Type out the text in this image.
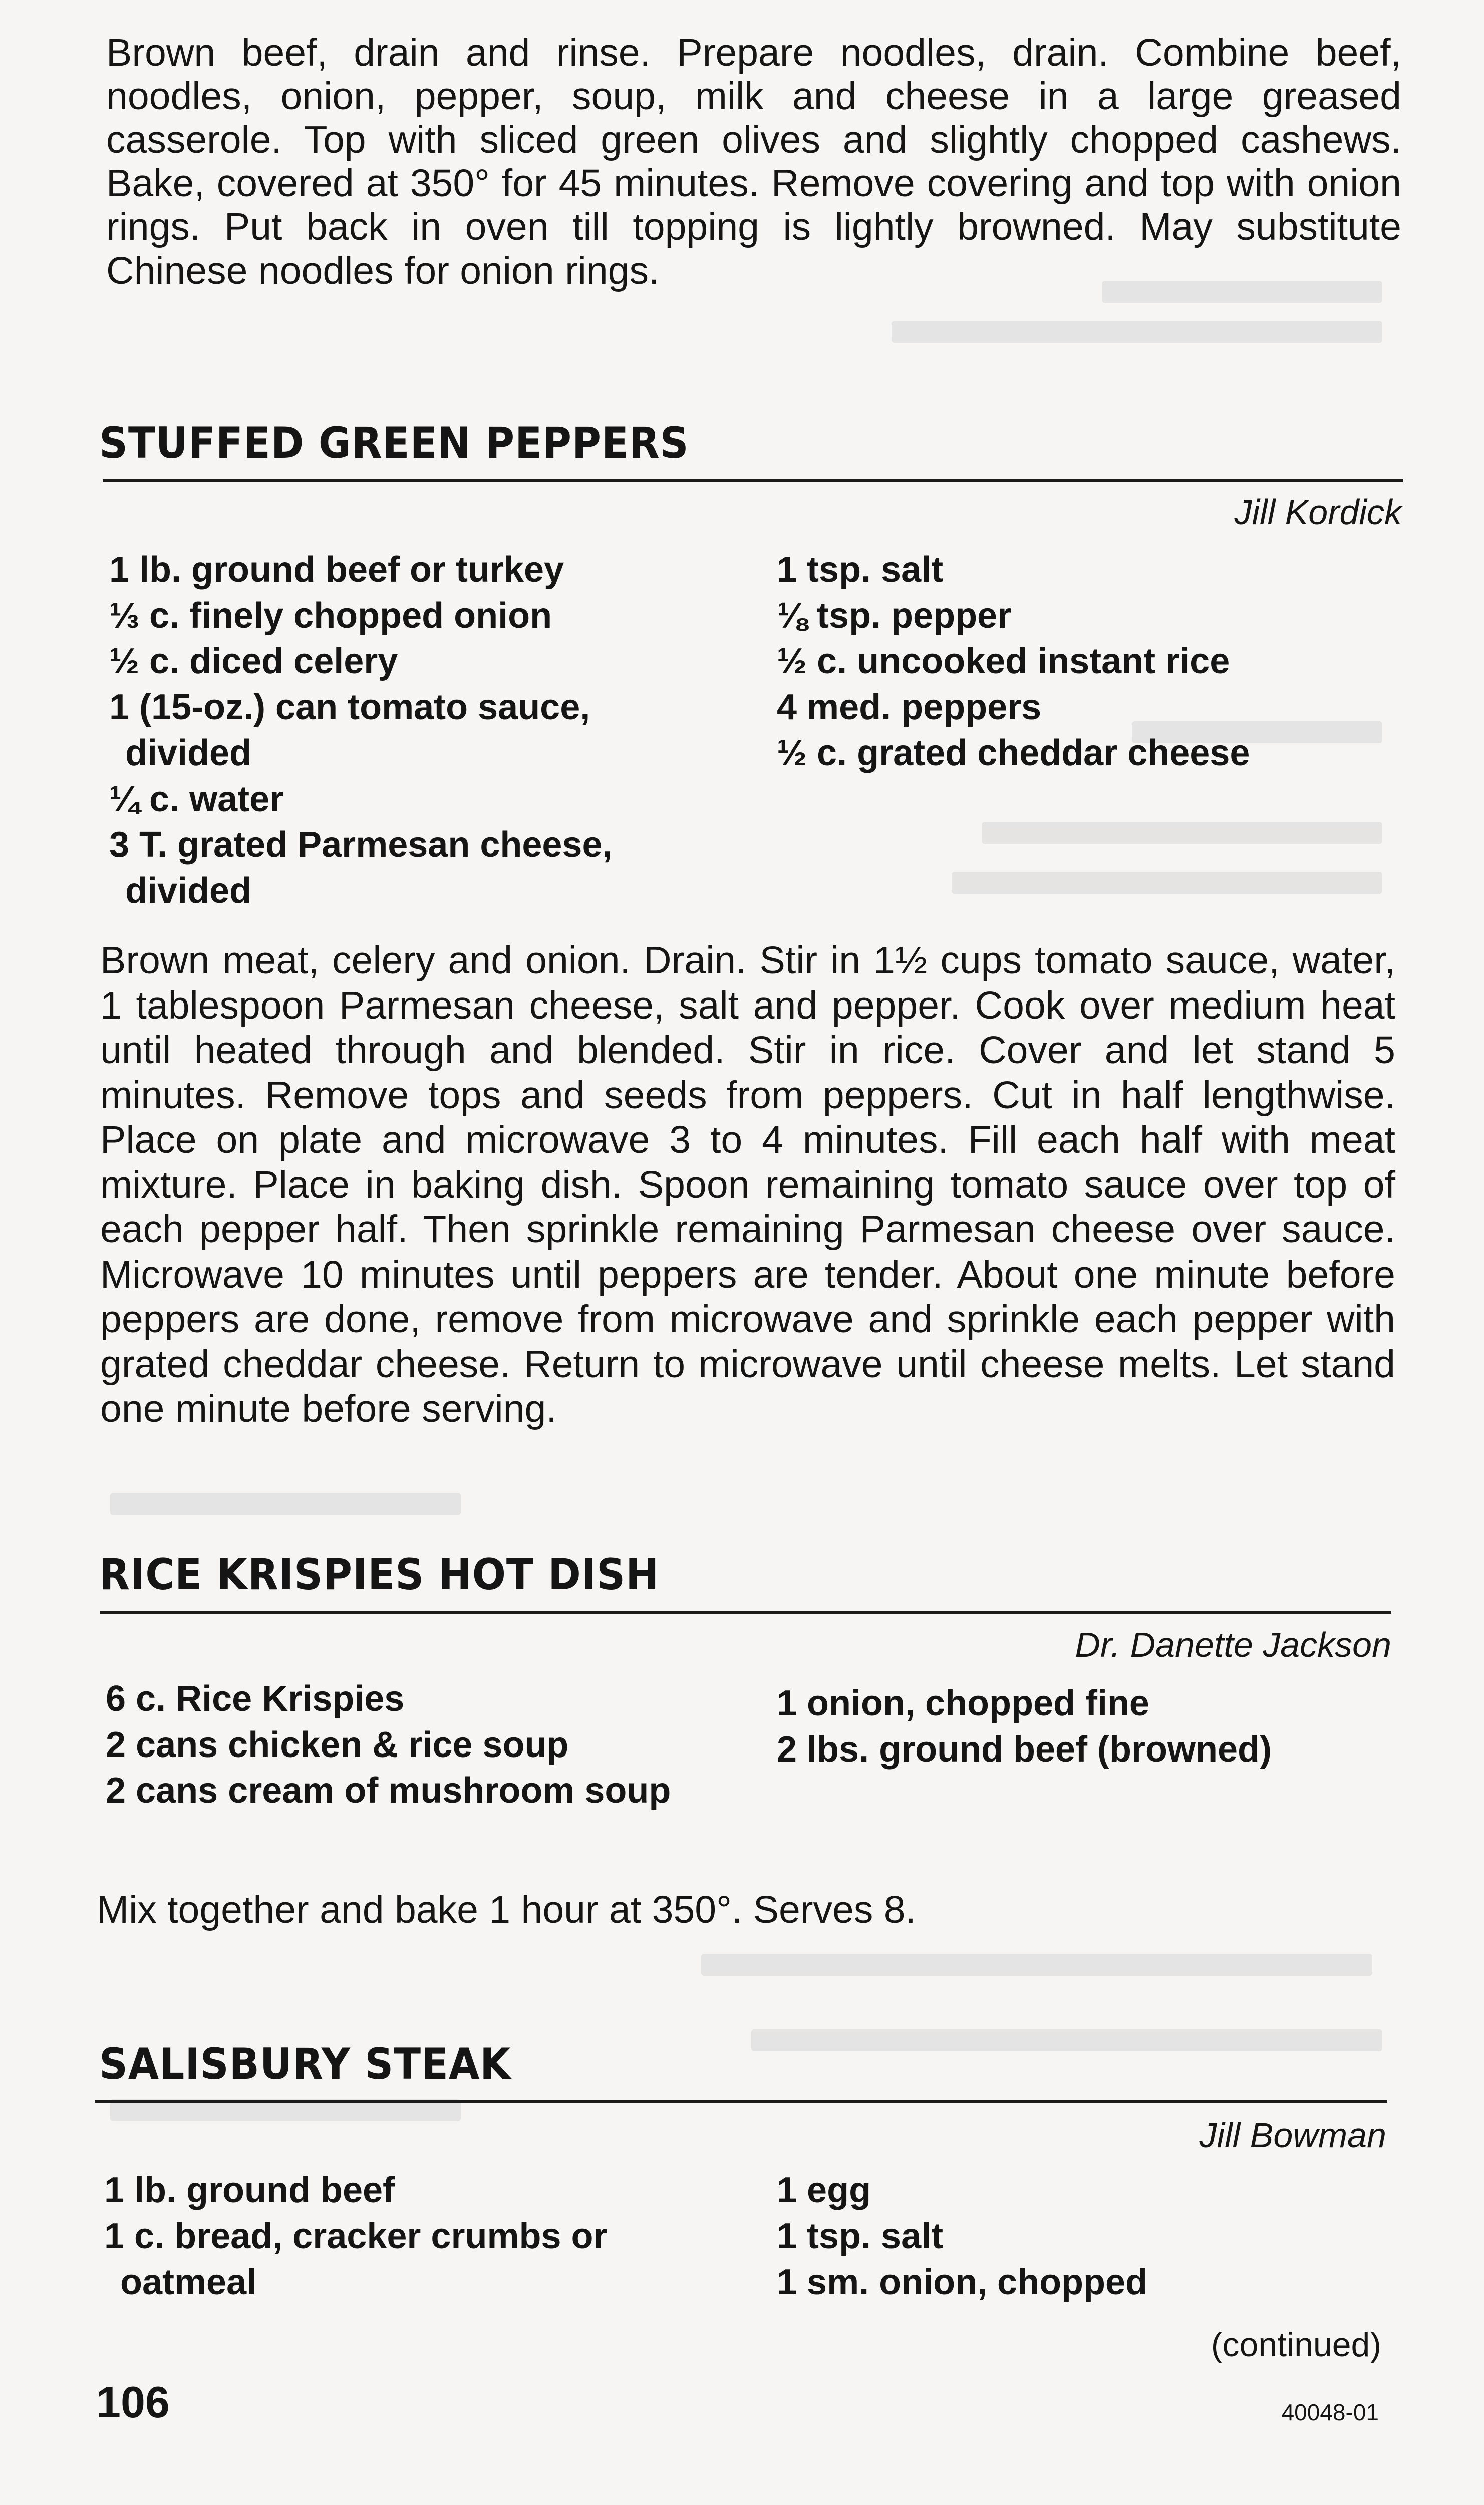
Brown beef, drain and rinse. Prepare noodles, drain. Combine beef, noodles, onion, pepper, soup, milk and cheese in a large greased casserole. Top with sliced green olives and slightly chopped cashews. Bake, covered at 350° for 45 minutes. Remove covering and top with onion rings. Put back in oven till topping is lightly browned. May substitute Chinese noodles for onion rings.

STUFFED GREEN PEPPERS
Jill Kordick
1 lb. ground beef or turkey
⅓ c. finely chopped onion
½ c. diced celery
1 (15-oz.) can tomato sauce, divided
¼ c. water
3 T. grated Parmesan cheese, divided
1 tsp. salt
⅛ tsp. pepper
½ c. uncooked instant rice
4 med. peppers
½ c. grated cheddar cheese

Brown meat, celery and onion. Drain. Stir in 1½ cups tomato sauce, water, 1 tablespoon Parmesan cheese, salt and pepper. Cook over medium heat until heated through and blended. Stir in rice. Cover and let stand 5 minutes. Remove tops and seeds from peppers. Cut in half lengthwise. Place on plate and microwave 3 to 4 minutes. Fill each half with meat mixture. Place in baking dish. Spoon remaining tomato sauce over top of each pepper half. Then sprinkle remaining Parmesan cheese over sauce. Microwave 10 minutes until peppers are tender. About one minute before peppers are done, remove from microwave and sprinkle each pepper with grated cheddar cheese. Return to microwave until cheese melts. Let stand one minute before serving.

RICE KRISPIES HOT DISH
Dr. Danette Jackson
6 c. Rice Krispies
2 cans chicken & rice soup
2 cans cream of mushroom soup
1 onion, chopped fine
2 lbs. ground beef (browned)

Mix together and bake 1 hour at 350°. Serves 8.

SALISBURY STEAK
Jill Bowman
1 lb. ground beef
1 c. bread, cracker crumbs or oatmeal
1 egg
1 tsp. salt
1 sm. onion, chopped
(continued)
106	40048-01
